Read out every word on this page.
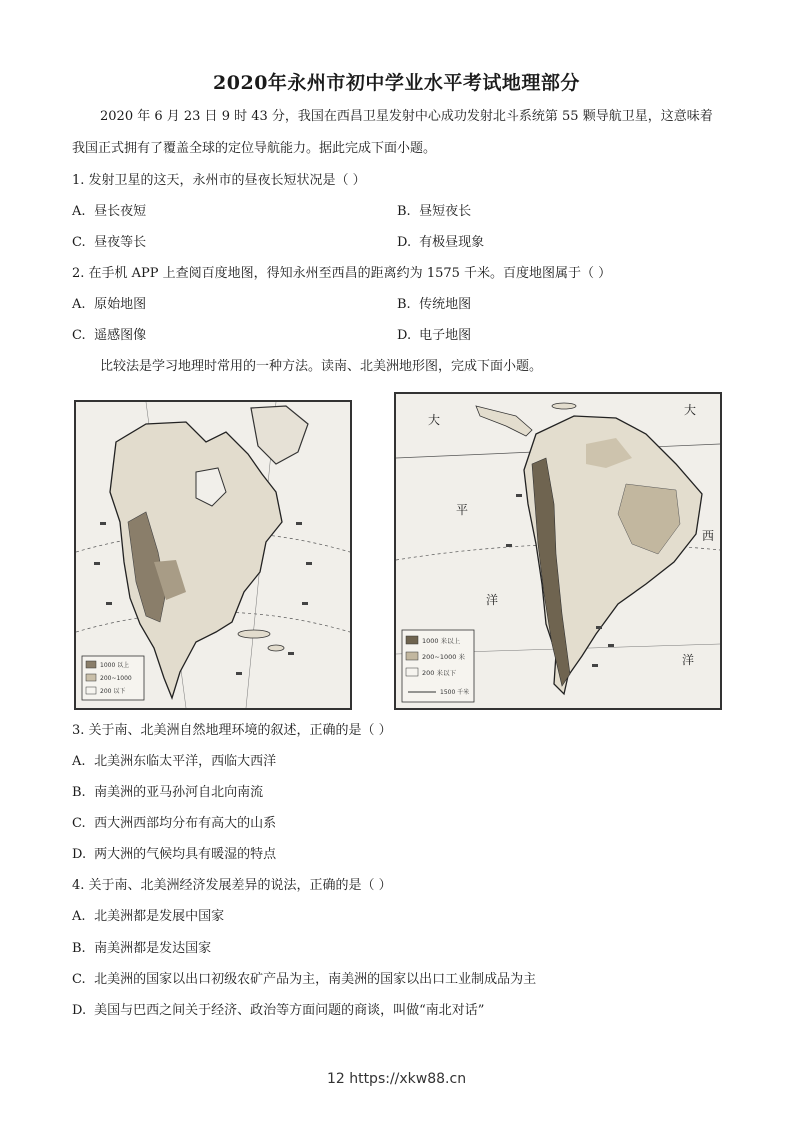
2020年永州市初中学业水平考试地理部分
2020 年 6 月 23 日 9 时 43 分，我国在西昌卫星发射中心成功发射北斗系统第 55 颗导航卫星，这意味着
我国正式拥有了覆盖全球的定位导航能力。据此完成下面小题。
1. 发射卫星的这天，永州市的昼夜长短状况是（ ）
A. 昼长夜短	B. 昼短夜长
C. 昼夜等长	D. 有极昼现象
2. 在手机 APP 上查阅百度地图，得知永州至西昌的距离约为 1575 千米。百度地图属于（ ）
A. 原始地图	B. 传统地图
C. 遥感图像	D. 电子地图
比较法是学习地理时常用的一种方法。读南、北美洲地形图，完成下面小题。
1000 以上
200~1000
200 以下
大
大
平
洋
西
洋
1000 米以上
200~1000 米
200 米以下
1500 千米
3. 关于南、北美洲自然地理环境的叙述，正确的是（ ）
A. 北美洲东临太平洋，西临大西洋
B. 南美洲的亚马孙河自北向南流
C. 西大洲西部均分布有高大的山系
D. 两大洲的气候均具有暖湿的特点
4. 关于南、北美洲经济发展差异的说法，正确的是（ ）
A. 北美洲都是发展中国家
B. 南美洲都是发达国家
C. 北美洲的国家以出口初级农矿产品为主，南美洲的国家以出口工业制成品为主
D. 美国与巴西之间关于经济、政治等方面问题的商谈，叫做“南北对话”
12 https://xkw88.cn
